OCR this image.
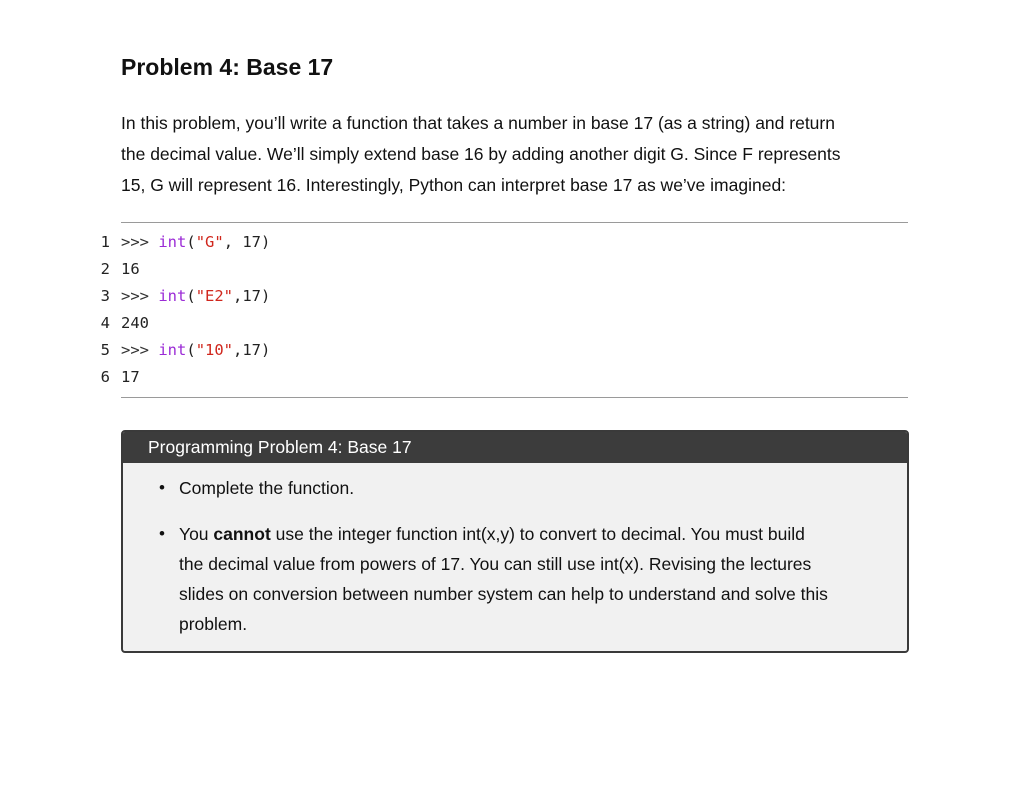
Problem 4: Base 17
In this problem, you’ll write a function that takes a number in base 17 (as a string) and return
the decimal value. We’ll simply extend base 16 by adding another digit G. Since F represents
15, G will represent 16. Interestingly, Python can interpret base 17 as we’ve imagined:
1 >>> int("G", 17)
2 16
3 >>> int("E2",17)
4 240
5 >>> int("10",17)
6 17
Programming Problem 4: Base 17
• Complete the function.
• You cannot use the integer function int(x,y) to convert to decimal. You must build
the decimal value from powers of 17. You can still use int(x). Revising the lectures
slides on conversion between number system can help to understand and solve this
problem.
